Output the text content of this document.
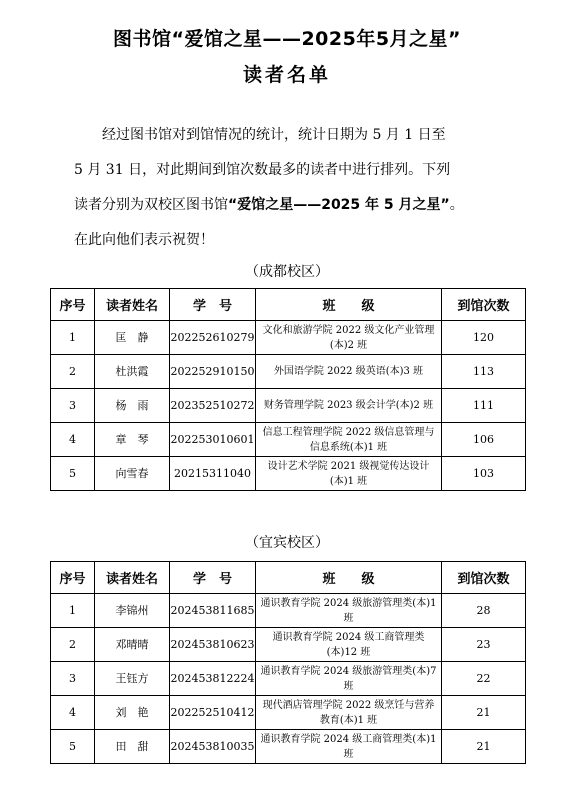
图书馆“爱馆之星——2025年5月之星”
读者名单
经过图书馆对到馆情况的统计，统计日期为 5 月 1 日至
5 月 31 日，对此期间到馆次数最多的读者中进行排列。下列
读者分别为双校区图书馆“爱馆之星——2025 年 5 月之星”。
在此向他们表示祝贺！
（成都校区）
序号	读者姓名	学　号	班　　级	到馆次数
1	匡　静	202252610279	文化和旅游学院 2022 级文化产业管理(本)2 班	120
2	杜洪霞	202252910150	外国语学院 2022 级英语(本)3 班	113
3	杨　雨	202352510272	财务管理学院 2023 级会计学(本)2 班	111
4	章　琴	202253010601	信息工程管理学院 2022 级信息管理与信息系统(本)1 班	106
5	向雪春	20215311040	设计艺术学院 2021 级视觉传达设计(本)1 班	103
（宜宾校区）
序号	读者姓名	学　号	班　　级	到馆次数
1	李锦州	202453811685	通识教育学院 2024 级旅游管理类(本)1 班	28
2	邓晴晴	202453810623	通识教育学院 2024 级工商管理类(本)12 班	23
3	王钰方	202453812224	通识教育学院 2024 级旅游管理类(本)7 班	22
4	刘　艳	202252510412	现代酒店管理学院 2022 级烹饪与营养教育(本)1 班	21
5	田　甜	202453810035	通识教育学院 2024 级工商管理类(本)1 班	21
